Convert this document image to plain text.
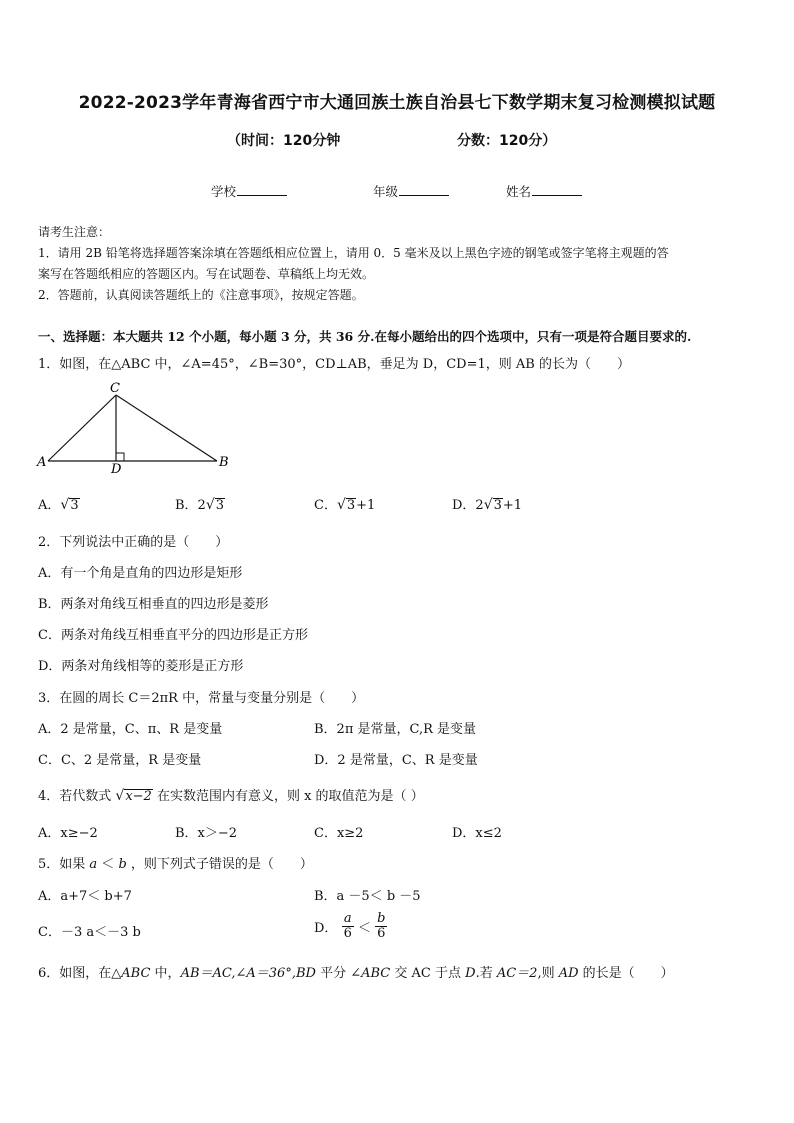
2022-2023学年青海省西宁市大通回族土族自治县七下数学期末复习检测模拟试题
（时间：120分钟	分数：120分）
学校	年级	姓名
请考生注意：
1．请用 2B 铅笔将选择题答案涂填在答题纸相应位置上，请用 0．5 毫米及以上黑色字迹的钢笔或签字笔将主观题的答
案写在答题纸相应的答题区内。写在试题卷、草稿纸上均无效。
2．答题前，认真阅读答题纸上的《注意事项》，按规定答题。
一、选择题：本大题共 12 个小题，每小题 3 分，共 36 分.在每小题给出的四个选项中，只有一项是符合题目要求的.
1．如图，在△ABC 中，∠A=45°，∠B=30°，CD⊥AB，垂足为 D，CD=1，则 AB 的长为（　　）
C
A	B
D
A．√3	B．2√3	C．√3+1	D．2√3+1
2．下列说法中正确的是（　　）
A．有一个角是直角的四边形是矩形
B．两条对角线互相垂直的四边形是菱形
C．两条对角线互相垂直平分的四边形是正方形
D．两条对角线相等的菱形是正方形
3．在圆的周长 C＝2πR 中，常量与变量分别是（　　）
A．2 是常量，C、π、R 是变量	B．2π 是常量，C,R 是变量
C．C、2 是常量，R 是变量	D．2 是常量，C、R 是变量
4．若代数式 √x−2 在实数范围内有意义，则 x 的取值范为是（ ）
A．x≥−2	B．x＞−2	C．x≥2	D．x≤2
5．如果 a ＜ b ，则下列式子错误的是（　　）
A．a+7＜ b+7	B．a －5＜ b －5
C．－3 a＜－3 b	D． $\frac{a}{6} < \frac{b}{6}$
6．如图，在△ABC 中，AB＝AC,∠A＝36°,BD 平分 ∠ABC 交 AC 于点 D.若 AC＝2,则 AD 的长是（　　）
